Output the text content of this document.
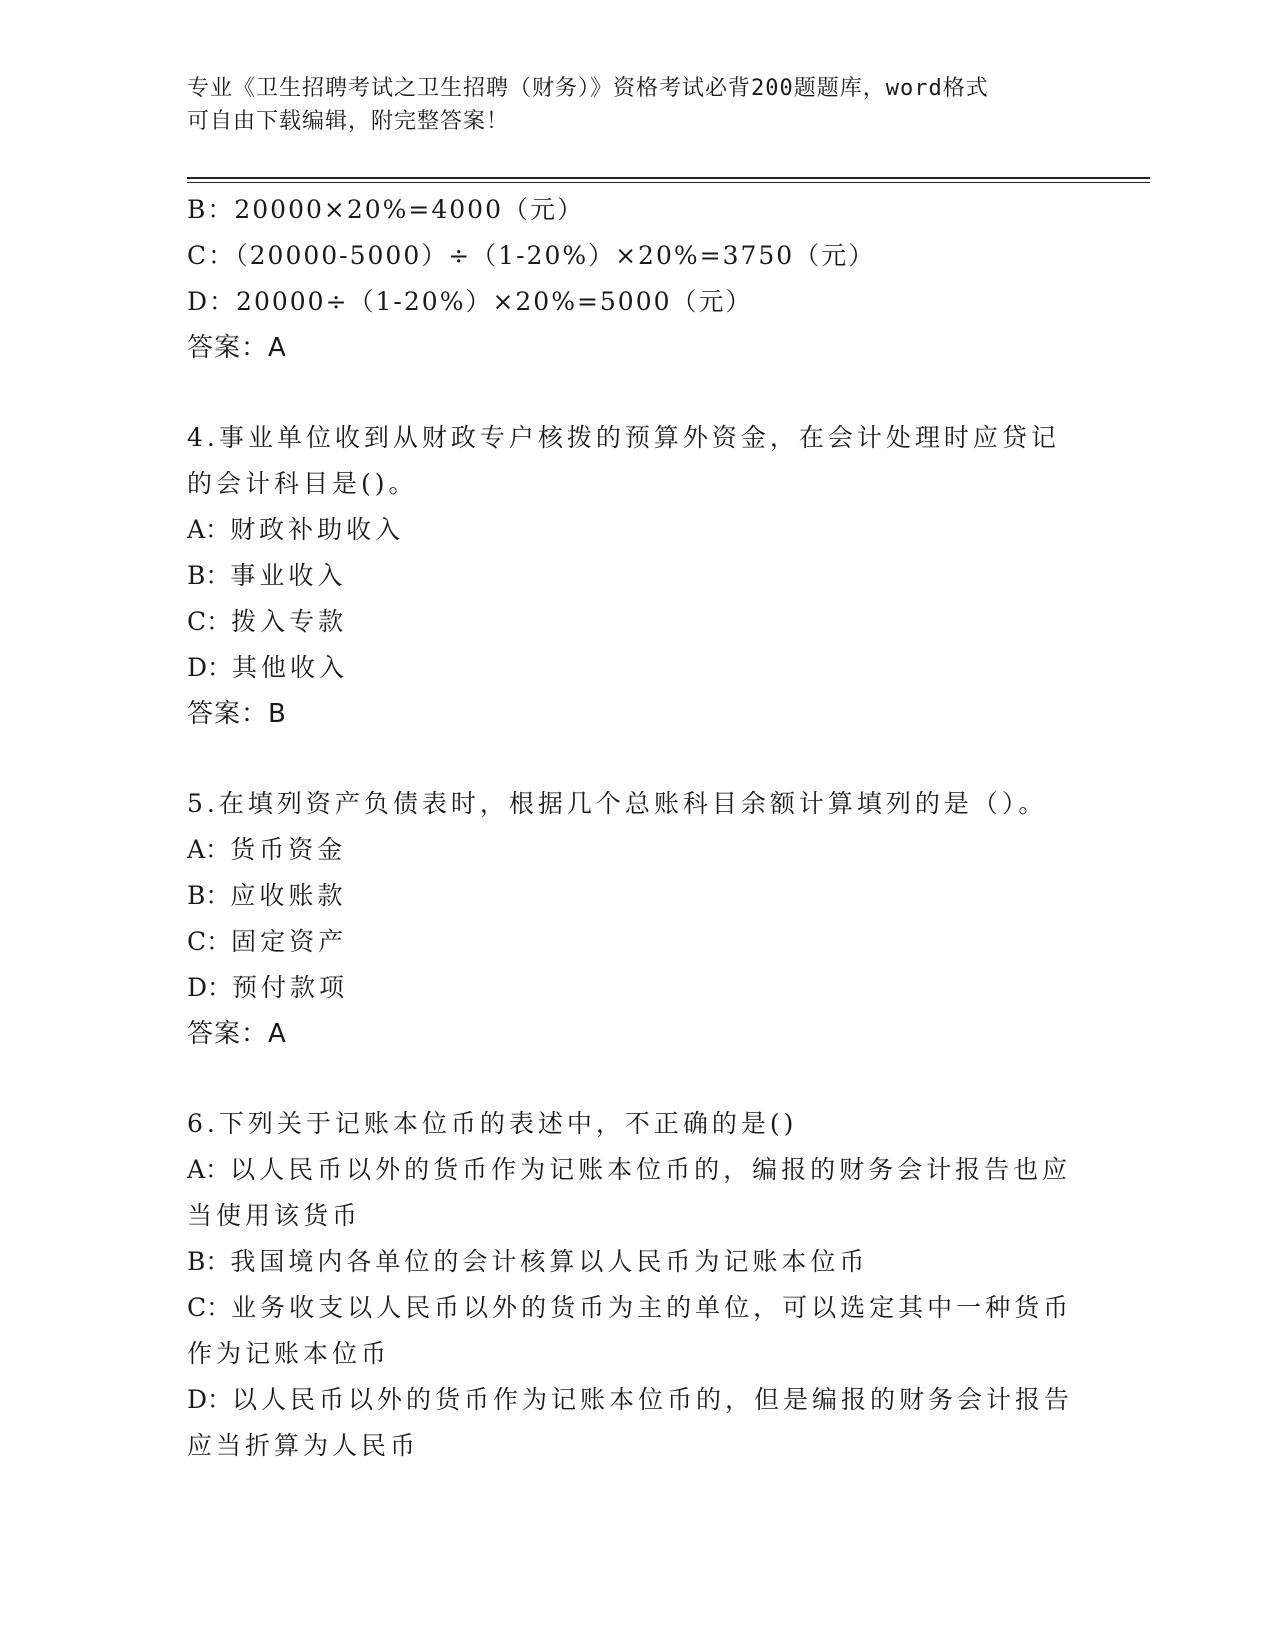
专业《卫生招聘考试之卫生招聘（财务）》资格考试必背200题题库，word格式
可自由下载编辑，附完整答案！
B：20000×20%=4000（元）
C：（20000-5000）÷（1-20%）×20%=3750（元）
D：20000÷（1-20%）×20%=5000（元）
答案：A
4.事业单位收到从财政专户核拨的预算外资金，在会计处理时应贷记的会计科目是()。
A：财政补助收入
B：事业收入
C：拨入专款
D：其他收入
答案：B
5.在填列资产负债表时，根据几个总账科目余额计算填列的是（）。
A：货币资金
B：应收账款
C：固定资产
D：预付款项
答案：A
6.下列关于记账本位币的表述中，不正确的是()
A：以人民币以外的货币作为记账本位币的，编报的财务会计报告也应当使用该货币
B：我国境内各单位的会计核算以人民币为记账本位币
C：业务收支以人民币以外的货币为主的单位，可以选定其中一种货币作为记账本位币
D：以人民币以外的货币作为记账本位币的，但是编报的财务会计报告应当折算为人民币
